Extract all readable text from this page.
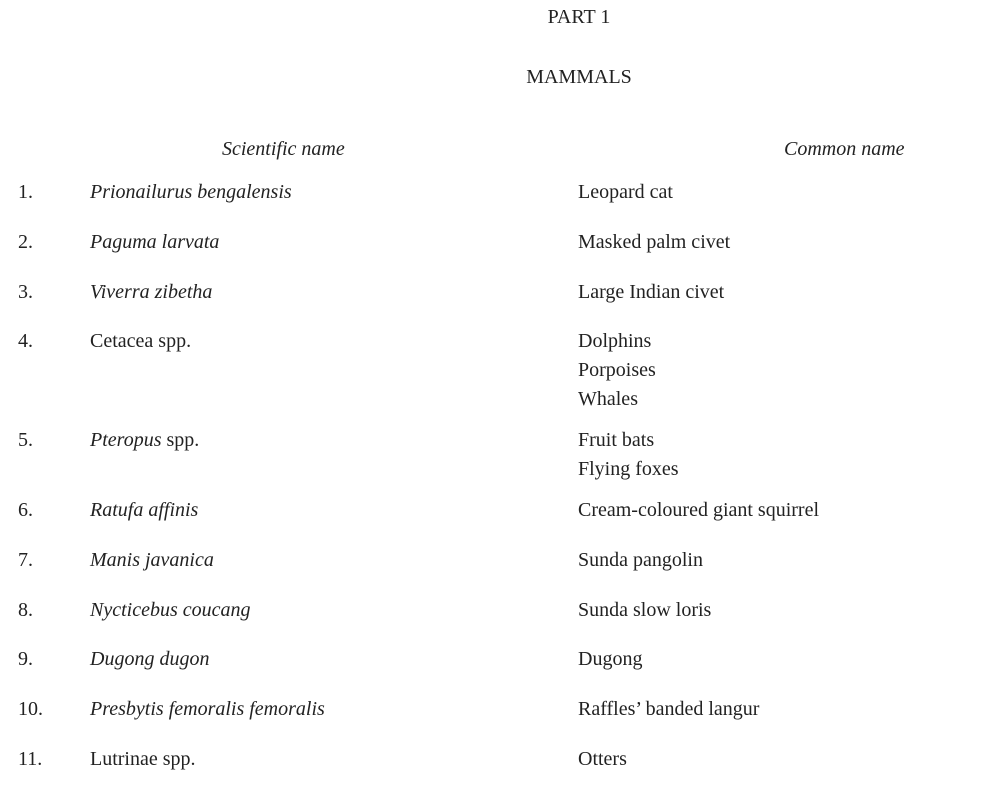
PART 1
MAMMALS
Scientific name	Common name
1.	Prionailurus bengalensis	Leopard cat
2.	Paguma larvata	Masked palm civet
3.	Viverra zibetha	Large Indian civet
4.	Cetacea spp.	Dolphins
Porpoises
Whales
5.	Pteropus spp.	Fruit bats
Flying foxes
6.	Ratufa affinis	Cream-coloured giant squirrel
7.	Manis javanica	Sunda pangolin
8.	Nycticebus coucang	Sunda slow loris
9.	Dugong dugon	Dugong
10. Presbytis femoralis femoralis	Raffles’ banded langur
11. Lutrinae spp.	Otters
